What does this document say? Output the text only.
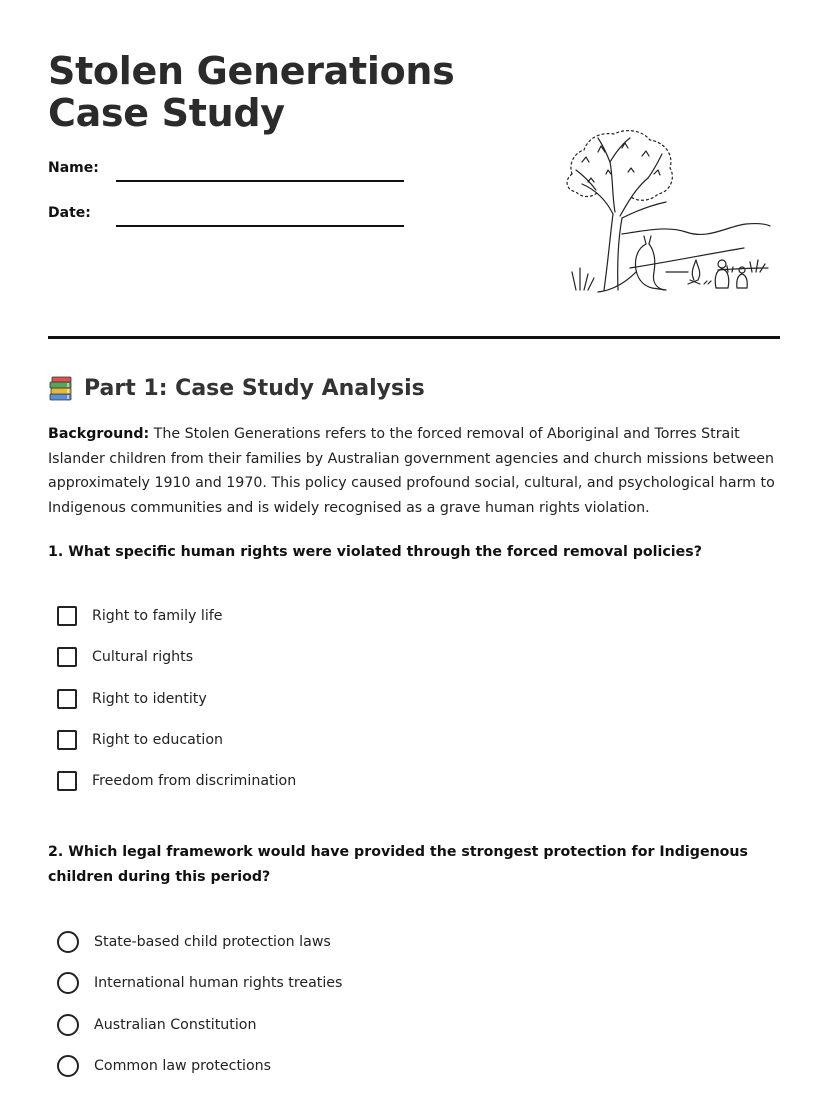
Stolen Generations Case Study
Name:
Date:
Part 1: Case Study Analysis

Background: The Stolen Generations refers to the forced removal of Aboriginal and Torres Strait Islander children from their families by Australian government agencies and church missions between approximately 1910 and 1970. This policy caused profound social, cultural, and psychological harm to Indigenous communities and is widely recognised as a grave human rights violation.

1. What specific human rights were violated through the forced removal policies?

Right to family life
Cultural rights
Right to identity
Right to education
Freedom from discrimination

2. Which legal framework would have provided the strongest protection for Indigenous children during this period?

State-based child protection laws
International human rights treaties
Australian Constitution
Common law protections
